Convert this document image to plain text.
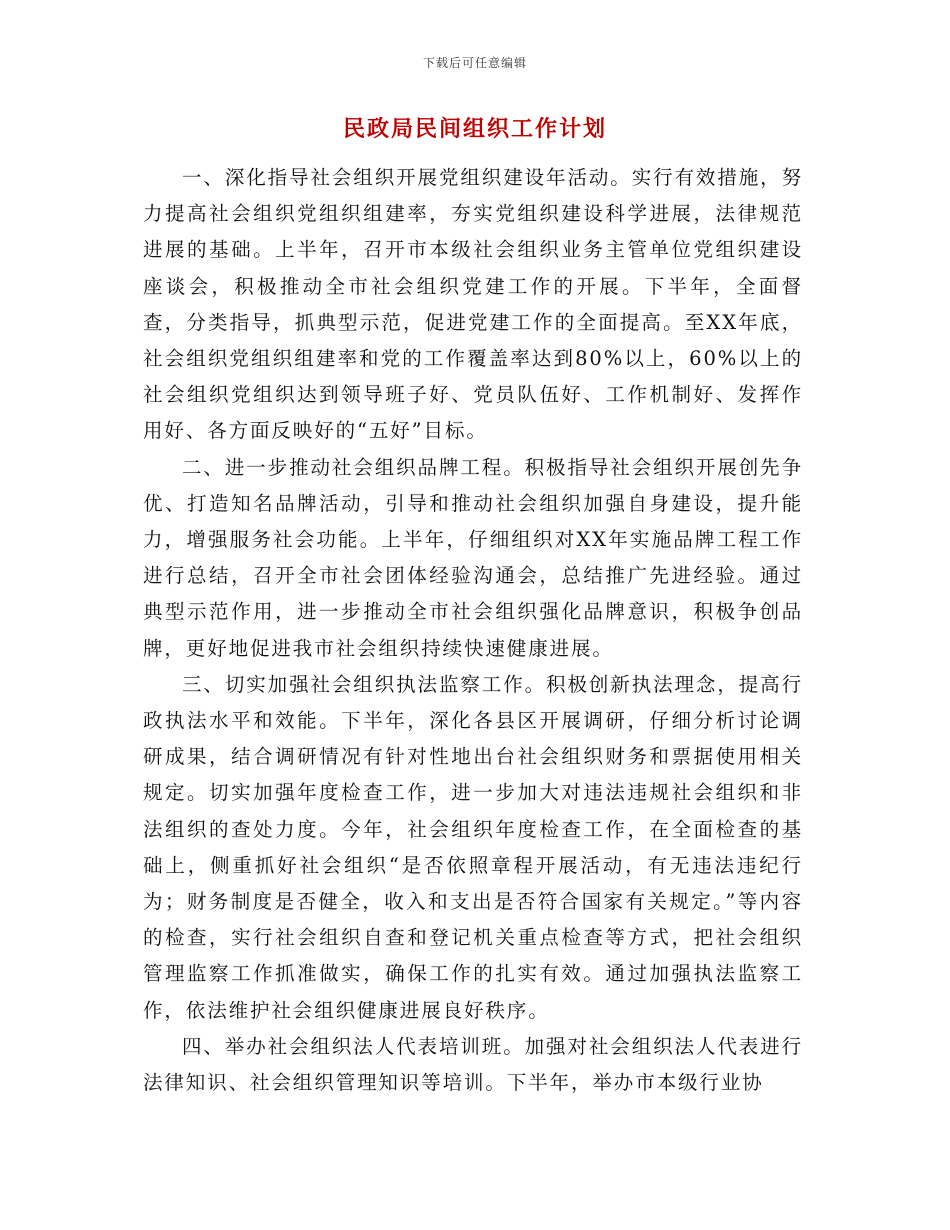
下载后可任意编辑
民政局民间组织工作计划

一、深化指导社会组织开展党组织建设年活动。实行有效措施，努力提高社会组织党组织组建率，夯实党组织建设科学进展，法律规范进展的基础。上半年，召开市本级社会组织业务主管单位党组织建设座谈会，积极推动全市社会组织党建工作的开展。下半年，全面督查，分类指导，抓典型示范，促进党建工作的全面提高。至XX年底，社会组织党组织组建率和党的工作覆盖率达到80%以上，60%以上的社会组织党组织达到领导班子好、党员队伍好、工作机制好、发挥作用好、各方面反映好的“五好”目标。

二、进一步推动社会组织品牌工程。积极指导社会组织开展创先争优、打造知名品牌活动，引导和推动社会组织加强自身建设，提升能力，增强服务社会功能。上半年，仔细组织对XX年实施品牌工程工作进行总结，召开全市社会团体经验沟通会，总结推广先进经验。通过典型示范作用，进一步推动全市社会组织强化品牌意识，积极争创品牌，更好地促进我市社会组织持续快速健康进展。

三、切实加强社会组织执法监察工作。积极创新执法理念，提高行政执法水平和效能。下半年，深化各县区开展调研，仔细分析讨论调研成果，结合调研情况有针对性地出台社会组织财务和票据使用相关规定。切实加强年度检查工作，进一步加大对违法违规社会组织和非法组织的查处力度。今年，社会组织年度检查工作，在全面检查的基础上，侧重抓好社会组织“是否依照章程开展活动，有无违法违纪行为；财务制度是否健全，收入和支出是否符合国家有关规定。”等内容的检查，实行社会组织自查和登记机关重点检查等方式，把社会组织管理监察工作抓准做实，确保工作的扎实有效。通过加强执法监察工作，依法维护社会组织健康进展良好秩序。

四、举办社会组织法人代表培训班。加强对社会组织法人代表进行法律知识、社会组织管理知识等培训。下半年，举办市本级行业协
